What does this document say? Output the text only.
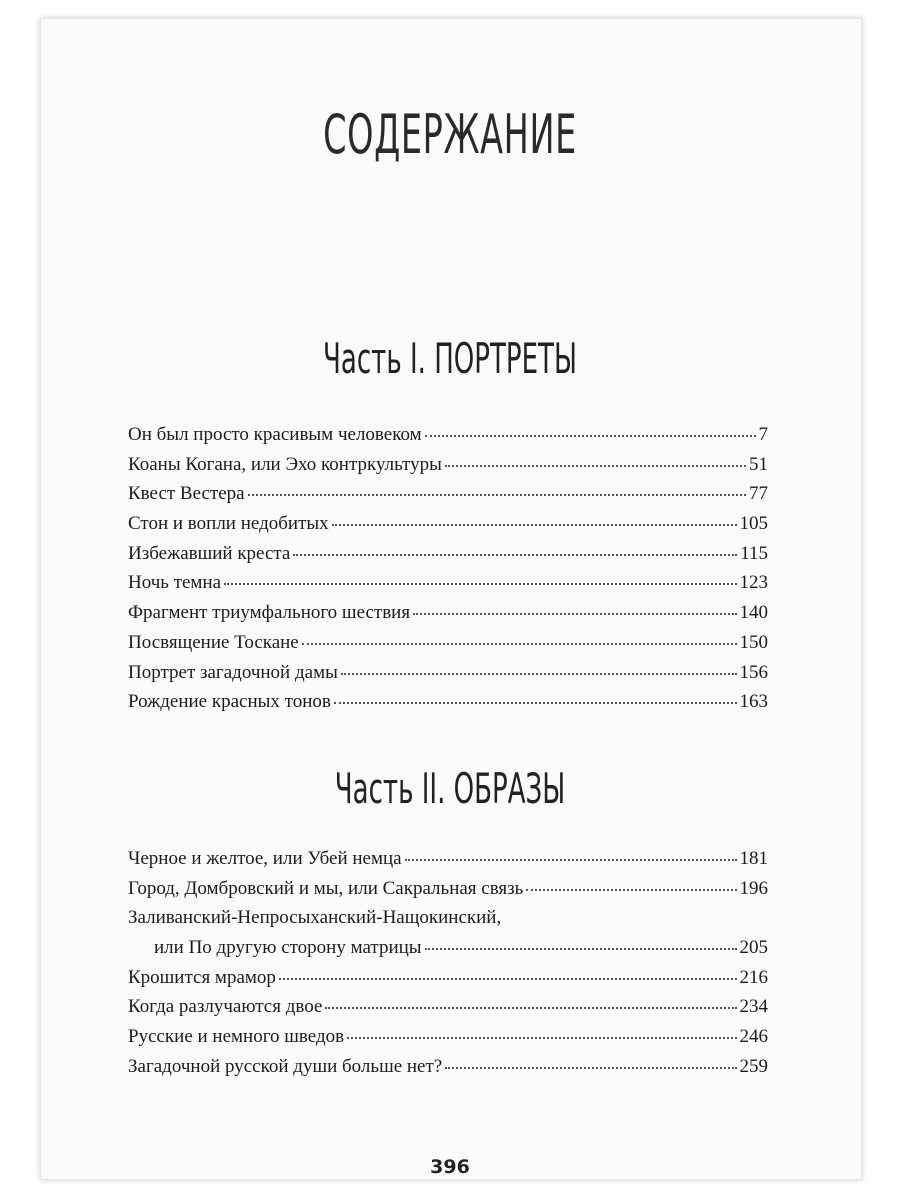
СОДЕРЖАНИЕ
Часть I. ПОРТРЕТЫ
Он был просто красивым человеком	7
Коаны Когана, или Эхо контркультуры	51
Квест Вестера	77
Стон и вопли недобитых	105
Избежавший креста	115
Ночь темна	123
Фрагмент триумфального шествия	140
Посвящение Тоскане	150
Портрет загадочной дамы	156
Рождение красных тонов	163
Часть II. ОБРАЗЫ
Черное и желтое, или Убей немца	181
Город, Домбровский и мы, или Сакральная связь	196
Заливанский-Непросыханский-Нащокинский,
или По другую сторону матрицы	205
Крошится мрамор	216
Когда разлучаются двое	234
Русские и немного шведов	246
Загадочной русской души больше нет?	259
396
